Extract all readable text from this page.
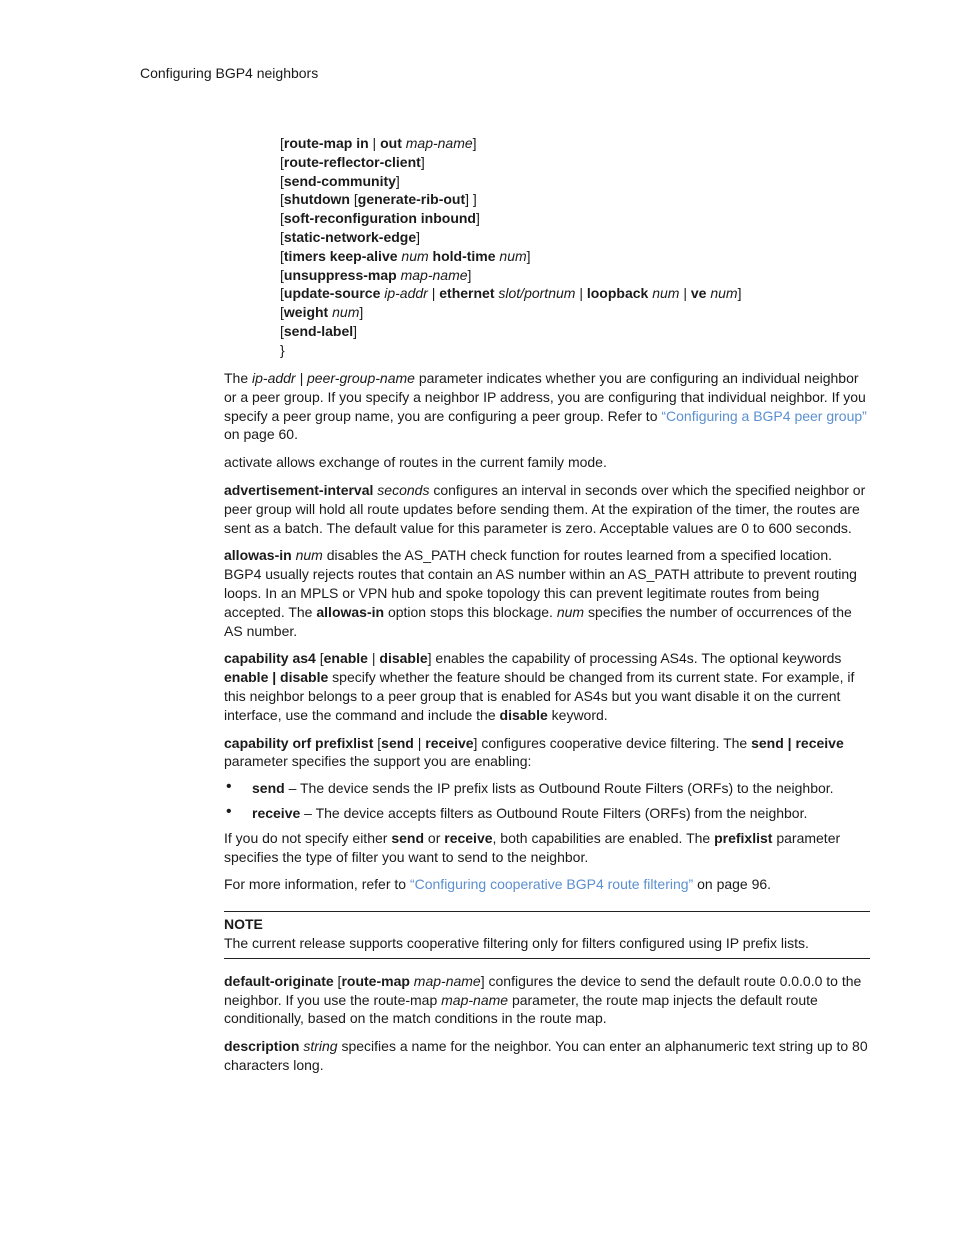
Configuring BGP4 neighbors
[route-map in | out map-name]
[route-reflector-client]
[send-community]
[shutdown [generate-rib-out] ]
[soft-reconfiguration inbound]
[static-network-edge]
[timers keep-alive num hold-time num]
[unsuppress-map map-name]
[update-source ip-addr | ethernet slot/portnum | loopback num | ve num]
[weight num]
[send-label]
}

The ip-addr | peer-group-name parameter indicates whether you are configuring an individual neighbor or a peer group. If you specify a neighbor IP address, you are configuring that individual neighbor. If you specify a peer group name, you are configuring a peer group. Refer to “Configuring a BGP4 peer group” on page 60.

activate allows exchange of routes in the current family mode.

advertisement-interval seconds configures an interval in seconds over which the specified neighbor or peer group will hold all route updates before sending them. At the expiration of the timer, the routes are sent as a batch. The default value for this parameter is zero. Acceptable values are 0 to 600 seconds.

allowas-in num disables the AS_PATH check function for routes learned from a specified location. BGP4 usually rejects routes that contain an AS number within an AS_PATH attribute to prevent routing loops. In an MPLS or VPN hub and spoke topology this can prevent legitimate routes from being accepted. The allowas-in option stops this blockage. num specifies the number of occurrences of the AS number.

capability as4 [enable | disable] enables the capability of processing AS4s. The optional keywords enable | disable specify whether the feature should be changed from its current state. For example, if this neighbor belongs to a peer group that is enabled for AS4s but you want disable it on the current interface, use the command and include the disable keyword.

capability orf prefixlist [send | receive] configures cooperative device filtering. The send | receive parameter specifies the support you are enabling:

• send – The device sends the IP prefix lists as Outbound Route Filters (ORFs) to the neighbor.
• receive – The device accepts filters as Outbound Route Filters (ORFs) from the neighbor.

If you do not specify either send or receive, both capabilities are enabled. The prefixlist parameter specifies the type of filter you want to send to the neighbor.

For more information, refer to “Configuring cooperative BGP4 route filtering” on page 96.

NOTE
The current release supports cooperative filtering only for filters configured using IP prefix lists.

default-originate [route-map map-name] configures the device to send the default route 0.0.0.0 to the neighbor. If you use the route-map map-name parameter, the route map injects the default route conditionally, based on the match conditions in the route map.

description string specifies a name for the neighbor. You can enter an alphanumeric text string up to 80 characters long.
